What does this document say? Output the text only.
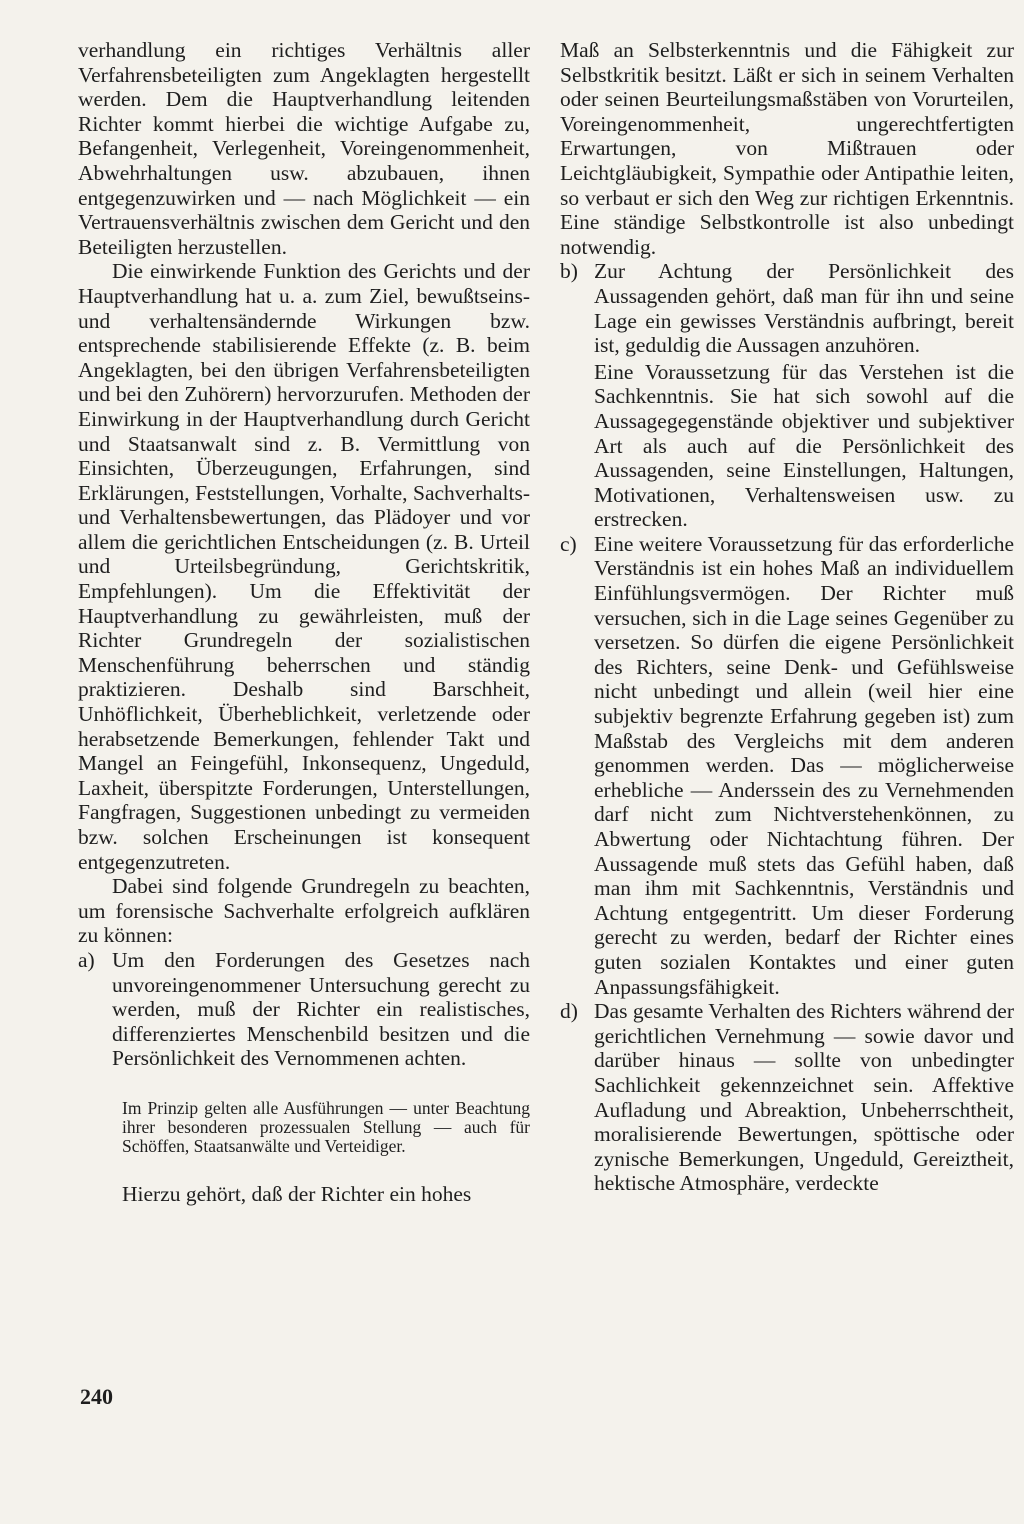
verhandlung ein richtiges Verhältnis aller Verfahrensbeteiligten zum Angeklagten hergestellt werden. Dem die Hauptverhandlung leitenden Richter kommt hierbei die wichtige Aufgabe zu, Befangenheit, Verlegenheit, Voreingenommenheit, Abwehrhaltungen usw. abzubauen, ihnen entgegenzuwirken und — nach Möglichkeit — ein Vertrauensverhältnis zwischen dem Gericht und den Beteiligten herzustellen.

Die einwirkende Funktion des Gerichts und der Hauptverhandlung hat u. a. zum Ziel, bewußtseins- und verhaltensändernde Wirkungen bzw. entsprechende stabilisierende Effekte (z. B. beim Angeklagten, bei den übrigen Verfahrensbeteiligten und bei den Zuhörern) hervorzurufen. Methoden der Einwirkung in der Hauptverhandlung durch Gericht und Staatsanwalt sind z. B. Vermittlung von Einsichten, Überzeugungen, Erfahrungen, sind Erklärungen, Feststellungen, Vorhalte, Sachverhalts- und Verhaltensbewertungen, das Plädoyer und vor allem die gerichtlichen Entscheidungen (z. B. Urteil und Urteilsbegründung, Gerichtskritik, Empfehlungen). Um die Effektivität der Hauptverhandlung zu gewährleisten, muß der Richter Grundregeln der sozialistischen Menschenführung beherrschen und ständig praktizieren. Deshalb sind Barschheit, Unhöflichkeit, Überheblichkeit, verletzende oder herabsetzende Bemerkungen, fehlender Takt und Mangel an Feingefühl, Inkonsequenz, Ungeduld, Laxheit, überspitzte Forderungen, Unterstellungen, Fangfragen, Suggestionen unbedingt zu vermeiden bzw. solchen Erscheinungen ist konsequent entgegenzutreten.

Dabei sind folgende Grundregeln zu beachten, um forensische Sachverhalte erfolgreich aufklären zu können:

a) Um den Forderungen des Gesetzes nach unvoreingenommener Untersuchung gerecht zu werden, muß der Richter ein realistisches, differenziertes Menschenbild besitzen und die Persönlichkeit des Vernommenen achten.

Im Prinzip gelten alle Ausführungen — unter Beachtung ihrer besonderen prozessualen Stellung — auch für Schöffen, Staatsanwälte und Verteidiger.

Hierzu gehört, daß der Richter ein hohes

Maß an Selbsterkenntnis und die Fähigkeit zur Selbstkritik besitzt. Läßt er sich in seinem Verhalten oder seinen Beurteilungsmaßstäben von Vorurteilen, Voreingenommenheit, ungerechtfertigten Erwartungen, von Mißtrauen oder Leichtgläubigkeit, Sympathie oder Antipathie leiten, so verbaut er sich den Weg zur richtigen Erkenntnis. Eine ständige Selbstkontrolle ist also unbedingt notwendig.

b) Zur Achtung der Persönlichkeit des Aussagenden gehört, daß man für ihn und seine Lage ein gewisses Verständnis aufbringt, bereit ist, geduldig die Aussagen anzuhören.

Eine Voraussetzung für das Verstehen ist die Sachkenntnis. Sie hat sich sowohl auf die Aussagegegenstände objektiver und subjektiver Art als auch auf die Persönlichkeit des Aussagenden, seine Einstellungen, Haltungen, Motivationen, Verhaltensweisen usw. zu erstrecken.

c) Eine weitere Voraussetzung für das erforderliche Verständnis ist ein hohes Maß an individuellem Einfühlungsvermögen. Der Richter muß versuchen, sich in die Lage seines Gegenüber zu versetzen. So dürfen die eigene Persönlichkeit des Richters, seine Denk- und Gefühlsweise nicht unbedingt und allein (weil hier eine subjektiv begrenzte Erfahrung gegeben ist) zum Maßstab des Vergleichs mit dem anderen genommen werden. Das — möglicherweise erhebliche — Anderssein des zu Vernehmenden darf nicht zum Nichtverstehenkönnen, zu Abwertung oder Nichtachtung führen. Der Aussagende muß stets das Gefühl haben, daß man ihm mit Sachkenntnis, Verständnis und Achtung entgegentritt. Um dieser Forderung gerecht zu werden, bedarf der Richter eines guten sozialen Kontaktes und einer guten Anpassungsfähigkeit.

d) Das gesamte Verhalten des Richters während der gerichtlichen Vernehmung — sowie davor und darüber hinaus — sollte von unbedingter Sachlichkeit gekennzeichnet sein. Affektive Aufladung und Abreaktion, Unbeherrschtheit, moralisierende Bewertungen, spöttische oder zynische Bemerkungen, Ungeduld, Gereiztheit, hektische Atmosphäre, verdeckte

240
